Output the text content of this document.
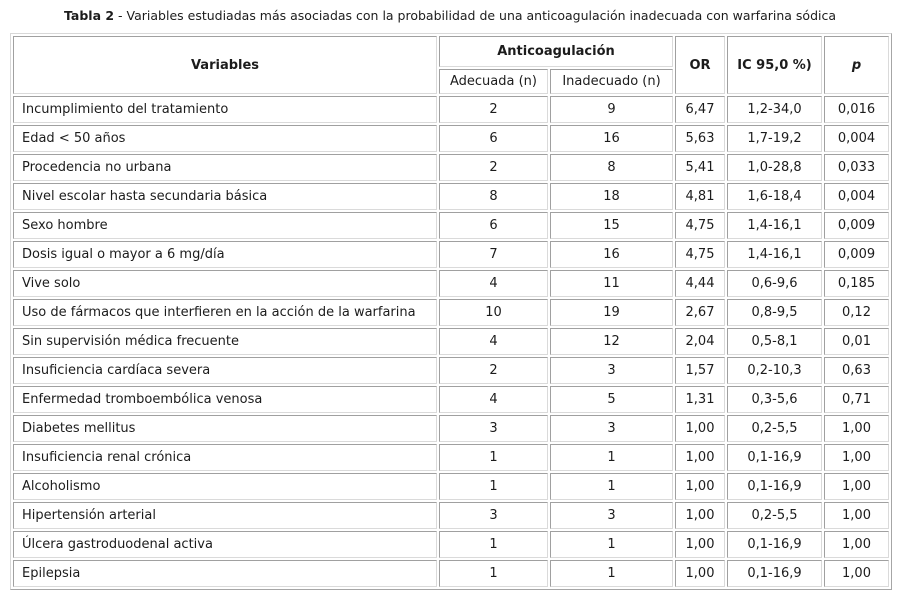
Tabla 2 - Variables estudiadas más asociadas con la probabilidad de una anticoagulación inadecuada con warfarina sódica
Variables	Anticoagulación		OR	IC 95,0 %)	p
	Adecuada (n)	Inadecuado (n)			
Incumplimiento del tratamiento	2	9	6,47	1,2-34,0	0,016
Edad < 50 años	6	16	5,63	1,7-19,2	0,004
Procedencia no urbana	2	8	5,41	1,0-28,8	0,033
Nivel escolar hasta secundaria básica	8	18	4,81	1,6-18,4	0,004
Sexo hombre	6	15	4,75	1,4-16,1	0,009
Dosis igual o mayor a 6 mg/día	7	16	4,75	1,4-16,1	0,009
Vive solo	4	11	4,44	0,6-9,6	0,185
Uso de fármacos que interfieren en la acción de la warfarina	10	19	2,67	0,8-9,5	0,12
Sin supervisión médica frecuente	4	12	2,04	0,5-8,1	0,01
Insuficiencia cardíaca severa	2	3	1,57	0,2-10,3	0,63
Enfermedad tromboembólica venosa	4	5	1,31	0,3-5,6	0,71
Diabetes mellitus	3	3	1,00	0,2-5,5	1,00
Insuficiencia renal crónica	1	1	1,00	0,1-16,9	1,00
Alcoholismo	1	1	1,00	0,1-16,9	1,00
Hipertensión arterial	3	3	1,00	0,2-5,5	1,00
Úlcera gastroduodenal activa	1	1	1,00	0,1-16,9	1,00
Epilepsia	1	1	1,00	0,1-16,9	1,00
